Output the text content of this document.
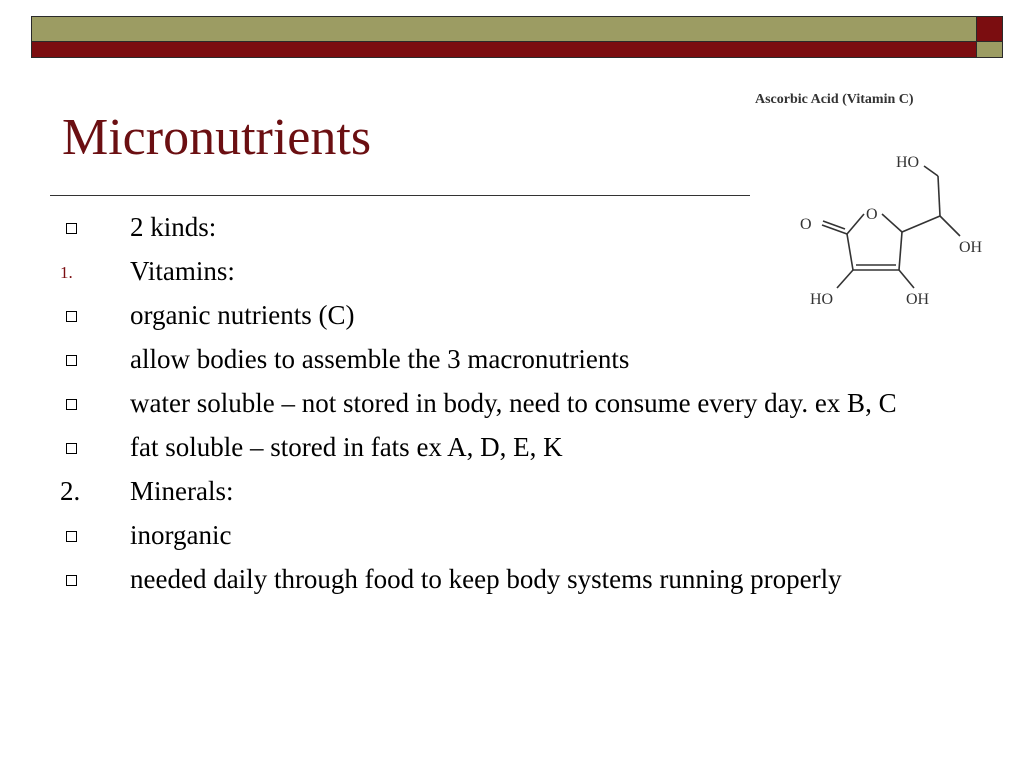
Micronutrients	HO
O
O
OH
HO	OH
Ascorbic Acid (Vitamin C)
2 kinds:
1.	Vitamins:
organic nutrients (C)
allow bodies to assemble the 3 macronutrients
water soluble – not stored in body, need to consume every day. ex B, C
fat soluble – stored in fats ex A, D, E, K
2.	Minerals:
inorganic
needed daily through food to keep body systems running properly
